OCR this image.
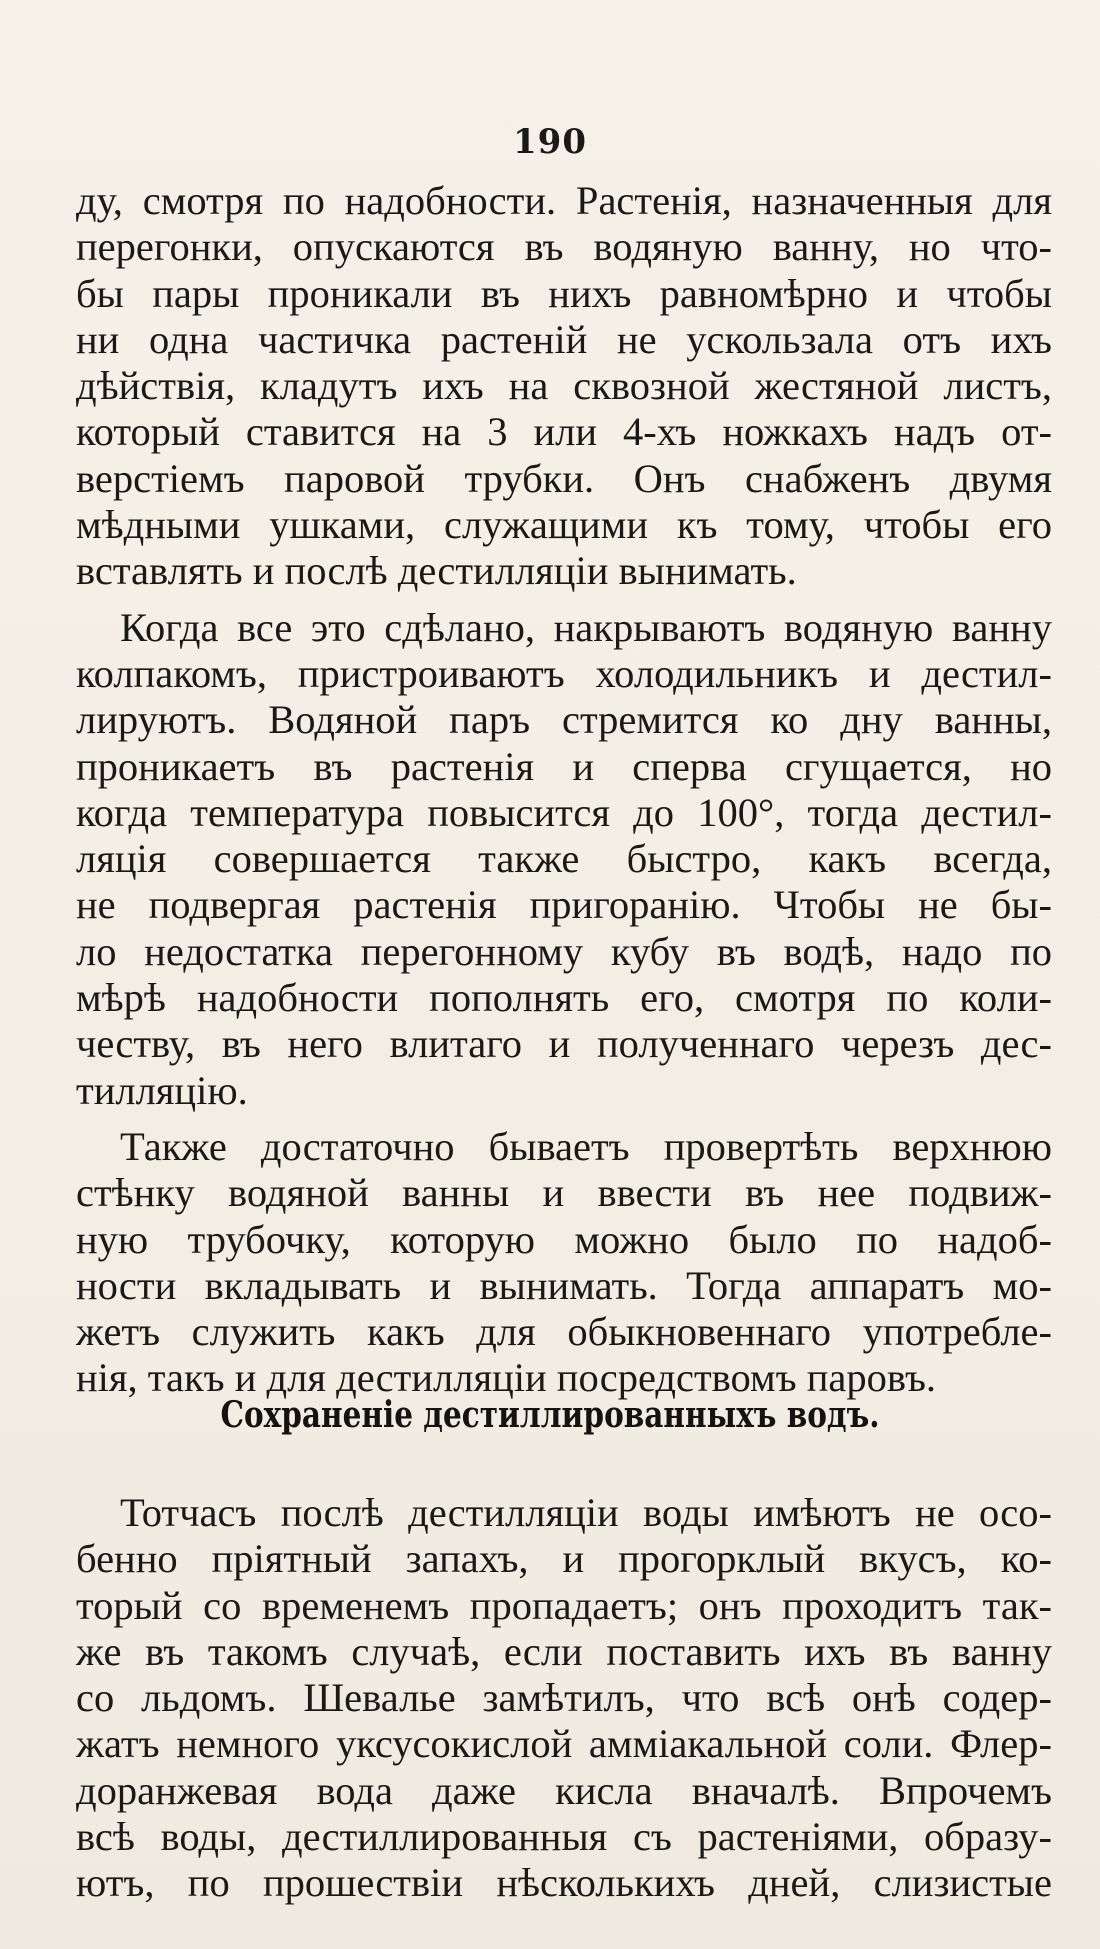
190
ду, смотря по надобности. Растенія, назначенныя для
перегонки, опускаются въ водяную ванну, но что-
бы пары проникали въ нихъ равномѣрно и чтобы
ни одна частичка растеній не ускользала отъ ихъ
дѣйствія, кладутъ ихъ на сквозной жестяной листъ,
который ставится на 3 или 4-хъ ножкахъ надъ от-
верстіемъ паровой трубки. Онъ снабженъ двумя
мѣдными ушками, служащими къ тому, чтобы его
вставлять и послѣ дестилляціи вынимать.
Когда все это сдѣлано, накрываютъ водяную ванну
колпакомъ, пристроиваютъ холодильникъ и дестил-
лируютъ. Водяной паръ стремится ко дну ванны,
проникаетъ въ растенія и сперва сгущается, но
когда температура повысится до 100°, тогда дестил-
ляція совершается также быстро, какъ всегда,
не подвергая растенія пригоранію. Чтобы не бы-
ло недостатка перегонному кубу въ водѣ, надо по
мѣрѣ надобности пополнять его, смотря по коли-
честву, въ него влитаго и полученнаго черезъ дес-
тилляцію.
Также достаточно бываетъ провертѣть верхнюю
стѣнку водяной ванны и ввести въ нее подвиж-
ную трубочку, которую можно было по надоб-
ности вкладывать и вынимать. Тогда аппаратъ мо-
жетъ служить какъ для обыкновеннаго употребле-
нія, такъ и для дестилляціи посредствомъ паровъ.
Сохраненіе дестиллированныхъ водъ.
Тотчасъ послѣ дестилляціи воды имѣютъ не осо-
бенно пріятный запахъ, и прогорклый вкусъ, ко-
торый со временемъ пропадаетъ; онъ проходитъ так-
же въ такомъ случаѣ, если поставить ихъ въ ванну
со льдомъ. Шевалье замѣтилъ, что всѣ онѣ содер-
жатъ немного уксусокислой аммiакальной соли. Флер-
доранжевая вода даже кисла вначалѣ. Впрочемъ
всѣ воды, дестиллированныя съ растеніями, образу-
ютъ, по прошествіи нѣсколькихъ дней, слизистые
